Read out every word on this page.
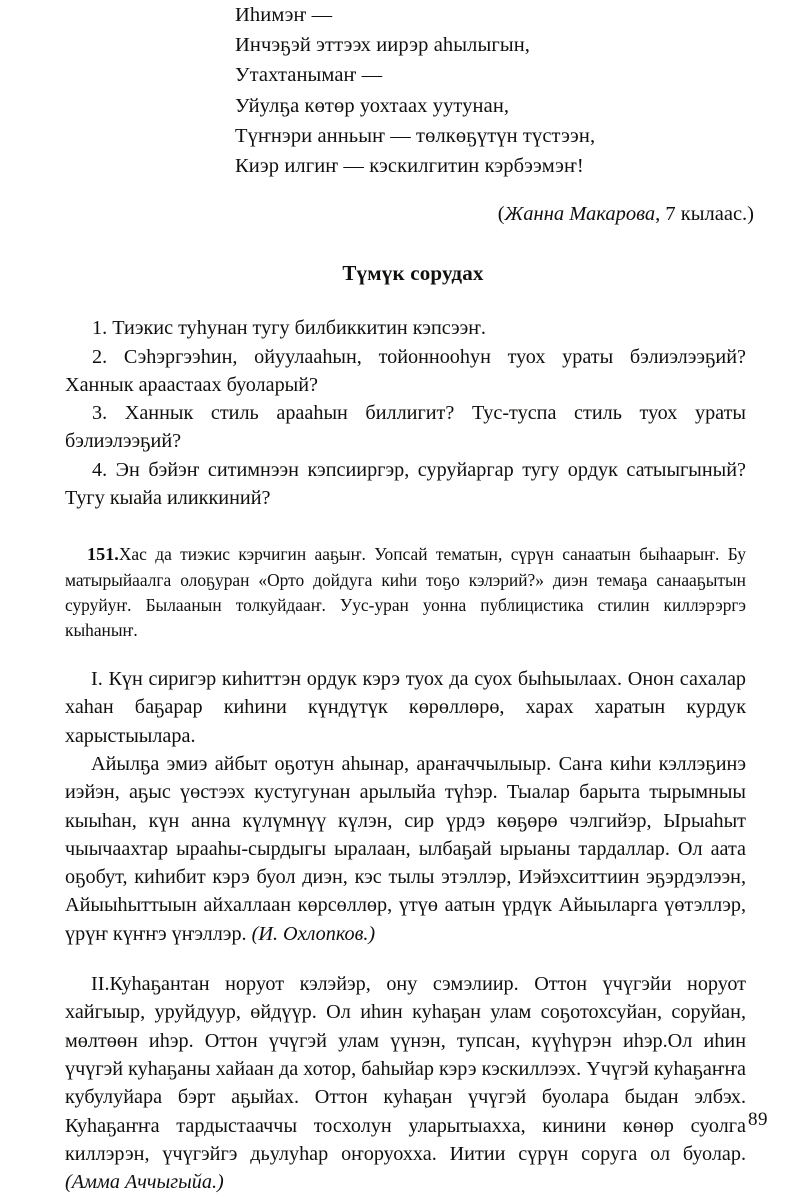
Иһимэҥ —
Инчэҕэй эттээх иирэр аһылыгын,
Утахтанымаҥ —
Уйулҕа көтөр уохтаах уутунан,
Түҥнэри анньыҥ — төлкөҕүтүн түстээн,
Киэр илгиҥ — кэскилгитин кэрбээмэҥ!
(Жанна Макарова, 7 кылаас.)
Түмүк сорудах

1. Тиэкис туһунан тугу билбиккитин кэпсээҥ.

2. Сэһэргээһин, ойуулааһын, тойоннооһун туох ураты бэлиэлээҕий? Ханнык араастаах буоларый?

3. Ханнык стиль арааһын биллигит? Тус-туспа стиль туох ураты бэлиэлээҕий?

4. Эн бэйэҥ ситимнээн кэпсииргэр, суруйаргар тугу ордук сатыыгыный? Тугу кыайа иликкиний?

151.Хас да тиэкис кэрчигин ааҕыҥ. Уопсай тематын, сүрүн санаатын быһаарыҥ. Бу матырыйаалга олоҕуран «Орто дойдуга киһи тоҕо кэлэрий?» диэн темаҕа санааҕытын суруйуҥ. Былаанын толкуйдааҥ. Уус-уран уонна публицистика стилин киллэрэргэ кыһаныҥ.

I. Күн сиригэр киһиттэн ордук кэрэ туох да суох быһыылаах. Онон сахалар хаһан баҕарар киһини күндүтүк көрөллөрө, харах харатын курдук харыстыылара.

Айылҕа эмиэ айбыт оҕотун аһынар, араҥаччылыыр. Саҥа киһи кэллэҕинэ иэйэн, аҕыс үөстээх кустугунан арылыйа түһэр. Тыалар барыта тырымныы кыыһан, күн анна күлүмнүү күлэн, сир үрдэ көҕөрө чэлгийэр, Ырыаһыт чыычаахтар ырааһы-сырдыгы ыралаан, ылбаҕай ырыаны тардаллар. Ол аата оҕобут, киһибит кэрэ буол диэн, кэс тылы этэллэр, Иэйэхситтиин эҕэрдэлээн, Айыыһыттыын айхаллаан көрсөллөр, үтүө аатын үрдүк Айыыларга үөтэллэр, үрүҥ күҥҥэ үҥэллэр. (И. Охлопков.)

II.Куһаҕантан норуот кэлэйэр, ону сэмэлиир. Оттон үчүгэйи норуот хайгыыр, уруйдуур, өйдүүр. Ол иһин куһаҕан улам соҕотохсуйан, соруйан, мөлтөөн иһэр. Оттон үчүгэй улам үүнэн, тупсан, күүһүрэн иһэр.Ол иһин үчүгэй куһаҕаны хайаан да хотор, баһыйар кэрэ кэскиллээх. Үчүгэй куһаҕаҥҥа кубулуйара бэрт аҕыйах. Оттон куһаҕан үчүгэй буолара быдан элбэх. Куһаҕаҥҥа тардыстааччы тосхолун уларытыахха, кинини көнөр суолга киллэрэн, үчүгэйгэ дьулуһар оҥоруохха. Иитии сүрүн соруга ол буолар. (Амма Аччыгыйа.)

89
